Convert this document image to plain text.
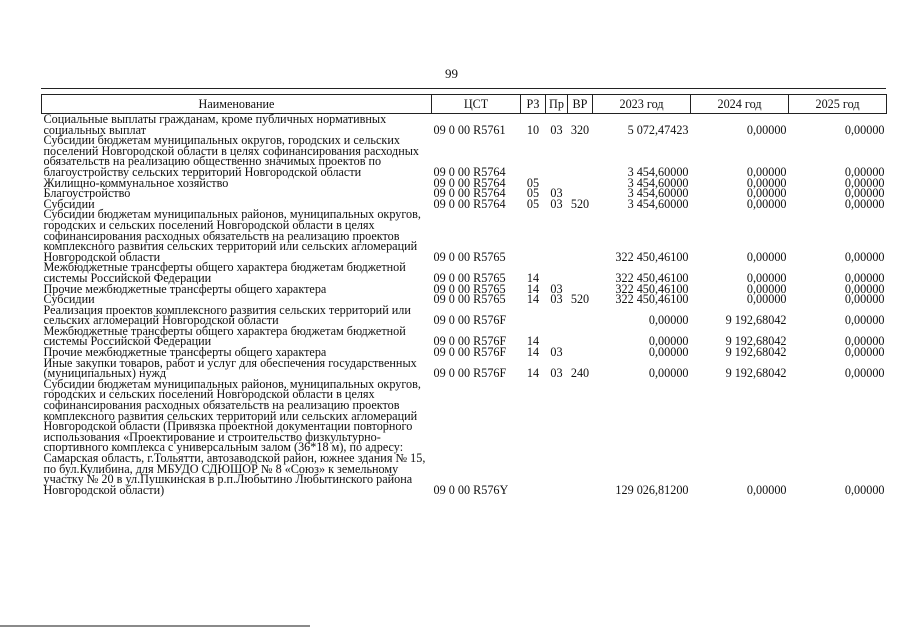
99
Наименование	ЦСТ	РЗ	Пр	ВР	2023 год	2024 год	2025 год
Социальные выплаты гражданам, кроме публичных нормативных социальных выплат	09 0 00 R5761	10	03	320	5 072,47423	0,00000	0,00000
Субсидии бюджетам муниципальных округов, городских и сельских поселений Новгородской области в целях софинансирования расходных обязательств на реализацию общественно значимых проектов по благоустройству сельских территорий Новгородской области	09 0 00 R5764				3 454,60000	0,00000	0,00000
Жилищно-коммунальное хозяйство	09 0 00 R5764	05			3 454,60000	0,00000	0,00000
Благоустройство	09 0 00 R5764	05	03		3 454,60000	0,00000	0,00000
Субсидии	09 0 00 R5764	05	03	520	3 454,60000	0,00000	0,00000
Субсидии бюджетам муниципальных районов, муниципальных округов, городских и сельских поселений Новгородской области в целях софинансирования расходных обязательств на реализацию проектов комплексного развития сельских территорий или сельских агломераций Новгородской области	09 0 00 R5765				322 450,46100	0,00000	0,00000
Межбюджетные трансферты общего характера бюджетам бюджетной системы Российской Федерации	09 0 00 R5765	14			322 450,46100	0,00000	0,00000
Прочие межбюджетные трансферты общего характера	09 0 00 R5765	14	03		322 450,46100	0,00000	0,00000
Субсидии	09 0 00 R5765	14	03	520	322 450,46100	0,00000	0,00000
Реализация проектов комплексного развития сельских территорий или сельских агломераций Новгородской области	09 0 00 R576F				0,00000	9 192,68042	0,00000
Межбюджетные трансферты общего характера бюджетам бюджетной системы Российской Федерации	09 0 00 R576F	14			0,00000	9 192,68042	0,00000
Прочие межбюджетные трансферты общего характера	09 0 00 R576F	14	03		0,00000	9 192,68042	0,00000
Иные закупки товаров, работ и услуг для обеспечения государственных (муниципальных) нужд	09 0 00 R576F	14	03	240	0,00000	9 192,68042	0,00000
Субсидии бюджетам муниципальных районов, муниципальных округов, городских и сельских поселений Новгородской области в целях софинансирования расходных обязательств на реализацию проектов комплексного развития сельских территорий или сельских агломераций Новгородской области (Привязка проектной документации повторного использования «Проектирование и строительство физкультурно-спортивного комплекса с универсальным залом (36*18 м), по адресу: Самарская область, г.Тольятти, автозаводской район, южнее здания № 15, по бул.Кулибина, для МБУДО СДЮШОР № 8 «Союз» к земельному участку № 20 в ул.Пушкинская в р.п.Любытино Любытинского района Новгородской области)	09 0 00 R576Y				129 026,81200	0,00000	0,00000
